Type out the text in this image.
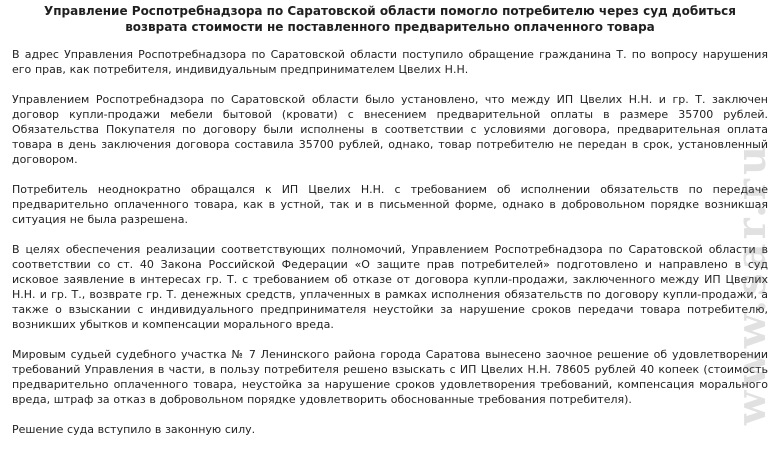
Управление Роспотребнадзора по Саратовской области помогло потребителю через суд добиться возврата стоимости не поставленного предварительно оплаченного товара

В адрес Управления Роспотребнадзора по Саратовской области поступило обращение гражданина Т. по вопросу нарушения его прав, как потребителя, индивидуальным предпринимателем Цвелих Н.Н.

Управлением Роспотребнадзора по Саратовской области было установлено, что между ИП Цвелих Н.Н. и гр. Т. заключен договор купли-продажи мебели бытовой (кровати) с внесением предварительной оплаты в размере 35700 рублей. Обязательства Покупателя по договору были исполнены в соответствии с условиями договора, предварительная оплата товара в день заключения договора составила 35700 рублей, однако, товар потребителю не передан в срок, установленный договором.

Потребитель неоднократно обращался к ИП Цвелих Н.Н. с требованием об исполнении обязательств по передаче предварительно оплаченного товара, как в устной, так и в письменной форме, однако в добровольном порядке возникшая ситуация не была разрешена.

В целях обеспечения реализации соответствующих полномочий, Управлением Роспотребнадзора по Саратовской области в соответствии со ст. 40 Закона Российской Федерации «О защите прав потребителей» подготовлено и направлено в суд исковое заявление в интересах гр. Т. с требованием об отказе от договора купли-продажи, заключенного между ИП Цвелих Н.Н. и гр. Т., возврате гр. Т. денежных средств, уплаченных в рамках исполнения обязательств по договору купли-продажи, а также о взыскании с индивидуального предпринимателя неустойки за нарушение сроков передачи товара потребителю, возникших убытков и компенсации морального вреда.

Мировым судьей судебного участка № 7 Ленинского района города Саратова вынесено заочное решение об удовлетворении требований Управления в части, в пользу потребителя решено взыскать с ИП Цвелих Н.Н. 78605 рублей 40 копеек (стоимость предварительно оплаченного товара, неустойка за нарушение сроков удовлетворения требований, компенсация морального вреда, штраф за отказ в добровольном порядке удовлетворить обоснованные требования потребителя).

Решение суда вступило в законную силу.

www.sar.ru
